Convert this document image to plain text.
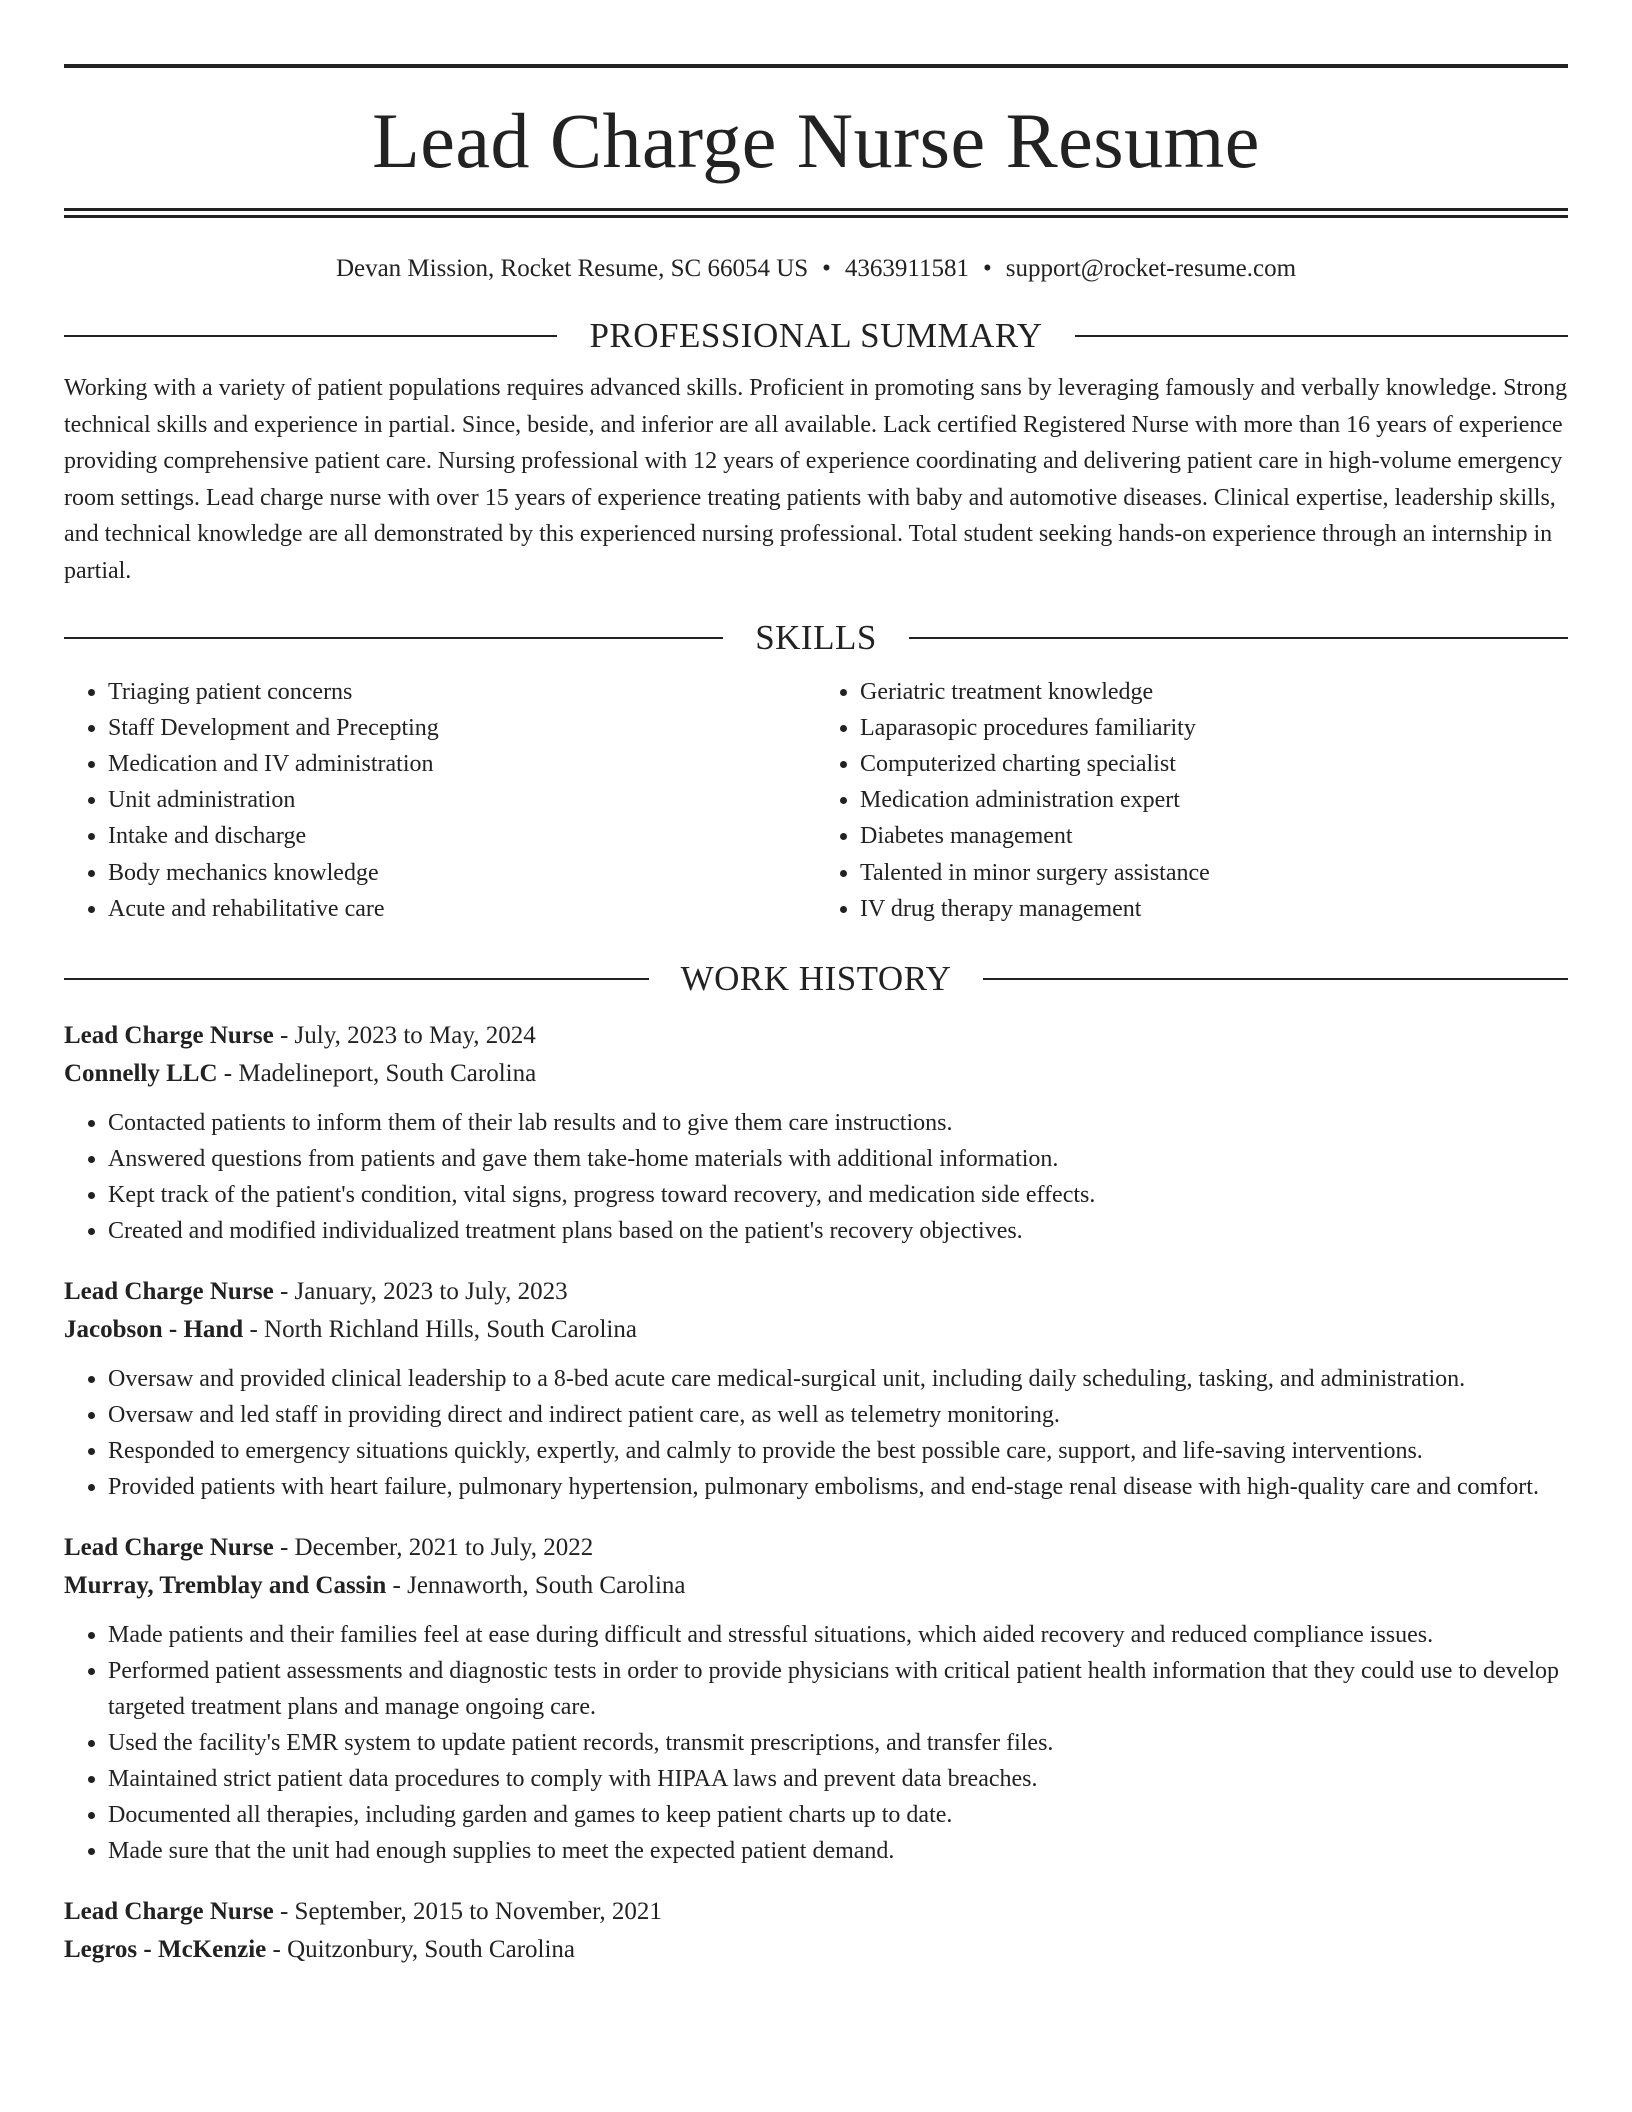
Lead Charge Nurse Resume
Devan Mission, Rocket Resume, SC 66054 US • 4363911581 • support@rocket-resume.com
PROFESSIONAL SUMMARY
Working with a variety of patient populations requires advanced skills. Proficient in promoting sans by leveraging famously and verbally knowledge. Strong technical skills and experience in partial. Since, beside, and inferior are all available. Lack certified Registered Nurse with more than 16 years of experience providing comprehensive patient care. Nursing professional with 12 years of experience coordinating and delivering patient care in high-volume emergency room settings. Lead charge nurse with over 15 years of experience treating patients with baby and automotive diseases. Clinical expertise, leadership skills, and technical knowledge are all demonstrated by this experienced nursing professional. Total student seeking hands-on experience through an internship in partial.
SKILLS
• Triaging patient concerns
• Staff Development and Precepting
• Medication and IV administration
• Unit administration
• Intake and discharge
• Body mechanics knowledge
• Acute and rehabilitative care
• Geriatric treatment knowledge
• Laparasopic procedures familiarity
• Computerized charting specialist
• Medication administration expert
• Diabetes management
• Talented in minor surgery assistance
• IV drug therapy management
WORK HISTORY
Lead Charge Nurse - July, 2023 to May, 2024
Connelly LLC - Madelineport, South Carolina
• Contacted patients to inform them of their lab results and to give them care instructions.
• Answered questions from patients and gave them take-home materials with additional information.
• Kept track of the patient's condition, vital signs, progress toward recovery, and medication side effects.
• Created and modified individualized treatment plans based on the patient's recovery objectives.
Lead Charge Nurse - January, 2023 to July, 2023
Jacobson - Hand - North Richland Hills, South Carolina
• Oversaw and provided clinical leadership to a 8-bed acute care medical-surgical unit, including daily scheduling, tasking, and administration.
• Oversaw and led staff in providing direct and indirect patient care, as well as telemetry monitoring.
• Responded to emergency situations quickly, expertly, and calmly to provide the best possible care, support, and life-saving interventions.
• Provided patients with heart failure, pulmonary hypertension, pulmonary embolisms, and end-stage renal disease with high-quality care and comfort.
Lead Charge Nurse - December, 2021 to July, 2022
Murray, Tremblay and Cassin - Jennaworth, South Carolina
• Made patients and their families feel at ease during difficult and stressful situations, which aided recovery and reduced compliance issues.
• Performed patient assessments and diagnostic tests in order to provide physicians with critical patient health information that they could use to develop targeted treatment plans and manage ongoing care.
• Used the facility's EMR system to update patient records, transmit prescriptions, and transfer files.
• Maintained strict patient data procedures to comply with HIPAA laws and prevent data breaches.
• Documented all therapies, including garden and games to keep patient charts up to date.
• Made sure that the unit had enough supplies to meet the expected patient demand.
Lead Charge Nurse - September, 2015 to November, 2021
Legros - McKenzie - Quitzonbury, South Carolina
